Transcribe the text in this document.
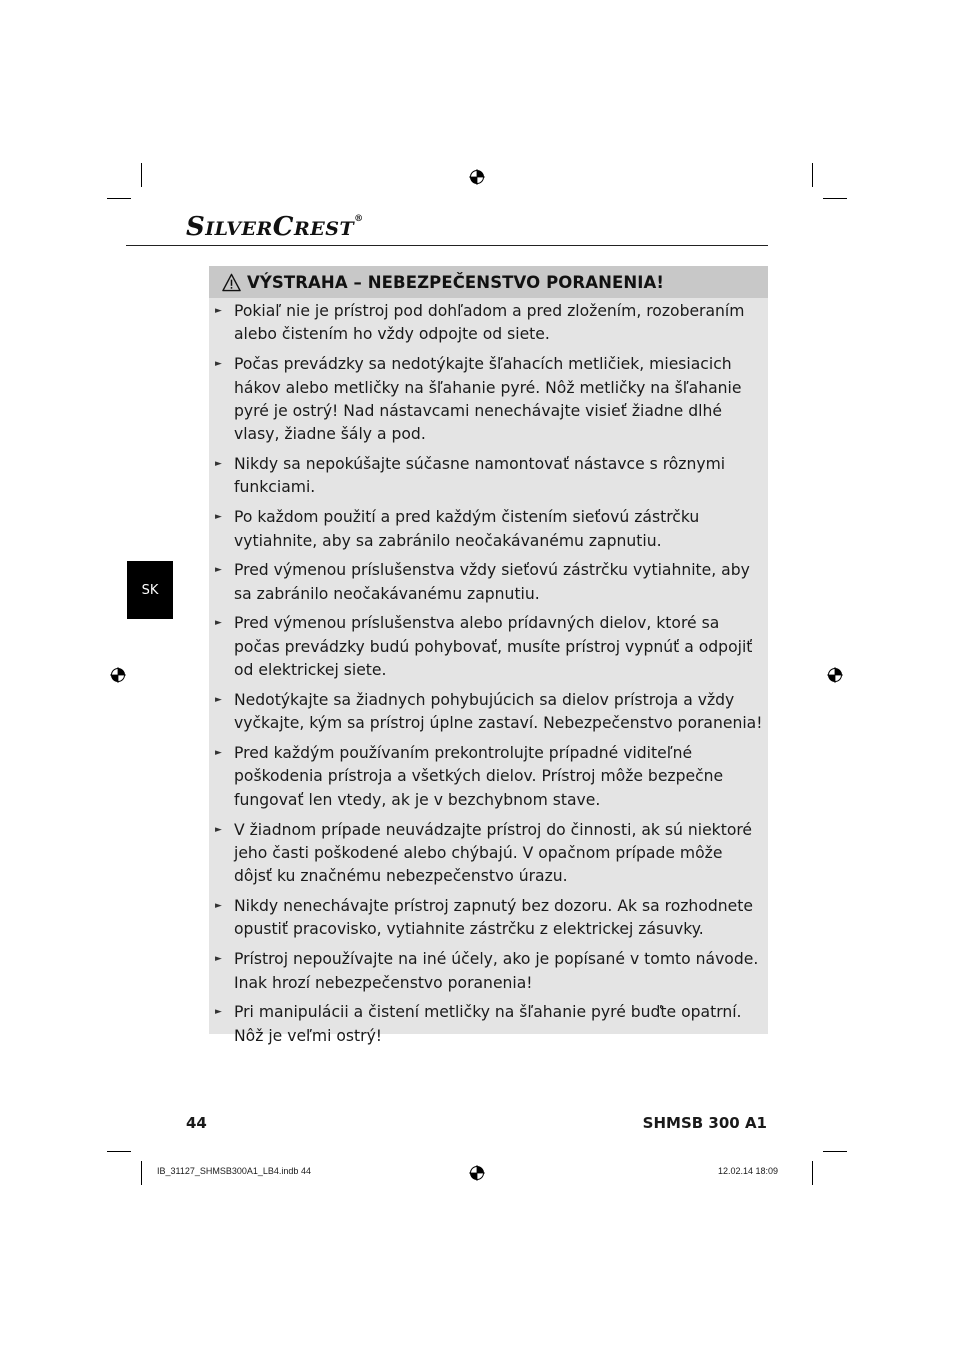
SILVERCREST®
SK
VÝSTRAHA – NEBEZPEČENSTVO PORANENIA!
► Pokiaľ nie je prístroj pod dohľadom a pred zložením, rozoberaním alebo čistením ho vždy odpojte od siete.
► Počas prevádzky sa nedotýkajte šľahacích metličiek, miesiacich hákov alebo metličky na šľahanie pyré. Nôž metličky na šľahanie pyré je ostrý! Nad nástavcami nenechávajte visieť žiadne dlhé vlasy, žiadne šály a pod.
► Nikdy sa nepokúšajte súčasne namontovať nástavce s rôznymi funkciami.
► Po každom použití a pred každým čistením sieťovú zástrčku vytiahnite, aby sa zabránilo neočakávanému zapnutiu.
► Pred výmenou príslušenstva vždy sieťovú zástrčku vytiahnite, aby sa zabránilo neočakávanému zapnutiu.
► Pred výmenou príslušenstva alebo prídavných dielov, ktoré sa počas prevádzky budú pohybovať, musíte prístroj vypnúť a odpojiť od elektrickej siete.
► Nedotýkajte sa žiadnych pohybujúcich sa dielov prístroja a vždy vyčkajte, kým sa prístroj úplne zastaví. Nebezpečenstvo poranenia!
► Pred každým používaním prekontrolujte prípadné viditeľné poškodenia prístroja a všetkých dielov. Prístroj môže bezpečne fungovať len vtedy, ak je v bezchybnom stave.
► V žiadnom prípade neuvádzajte prístroj do činnosti, ak sú niektoré jeho časti poškodené alebo chýbajú. V opačnom prípade môže dôjsť ku značnému nebezpečenstvo úrazu.
► Nikdy nenechávajte prístroj zapnutý bez dozoru. Ak sa rozhodnete opustiť pracovisko, vytiahnite zástrčku z elektrickej zásuvky.
► Prístroj nepoužívajte na iné účely, ako je popísané v tomto návode. Inak hrozí nebezpečenstvo poranenia!
► Pri manipulácii a čistení metličky na šľahanie pyré buďte opatrní. Nôž je veľmi ostrý!
44	SHMSB 300 A1
IB_31127_SHMSB300A1_LB4.indb 44	12.02.14 18:09
